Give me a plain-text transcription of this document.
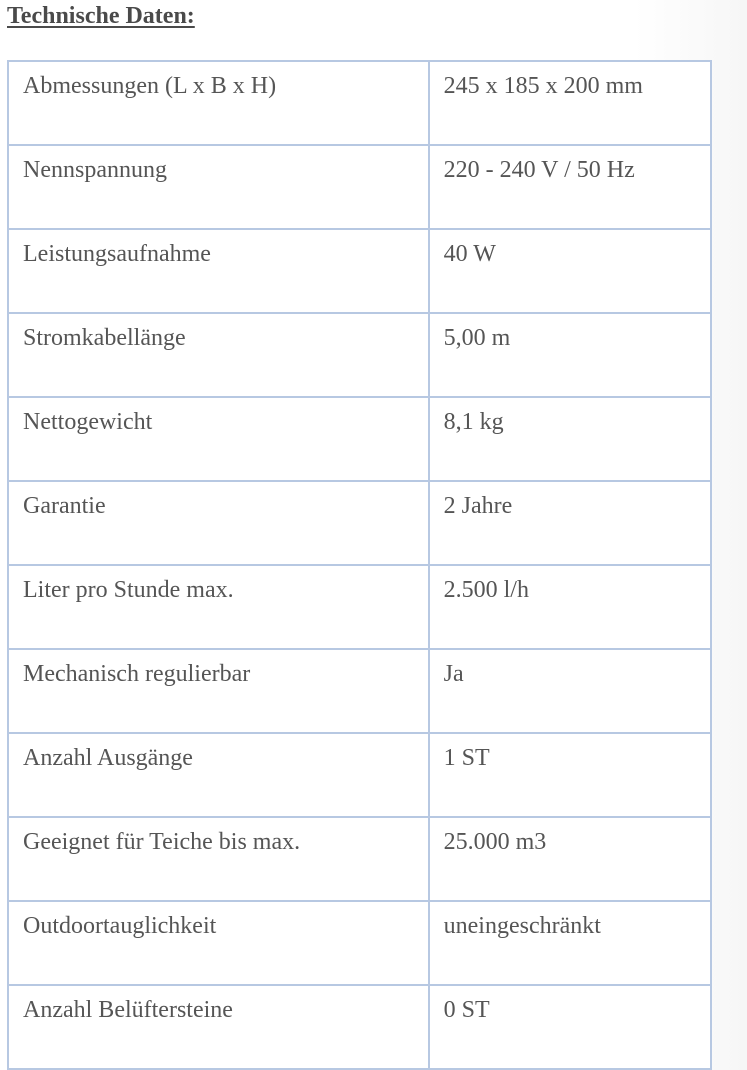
Technische Daten:
Abmessungen (L x B x H)	245 x 185 x 200 mm
Nennspannung	220 - 240 V / 50 Hz
Leistungsaufnahme	40 W
Stromkabellänge	5,00 m
Nettogewicht	8,1 kg
Garantie	2 Jahre
Liter pro Stunde max.	2.500 l/h
Mechanisch regulierbar	Ja
Anzahl Ausgänge	1 ST
Geeignet für Teiche bis max.	25.000 m3
Outdoortauglichkeit	uneingeschränkt
Anzahl Belüftersteine	0 ST
